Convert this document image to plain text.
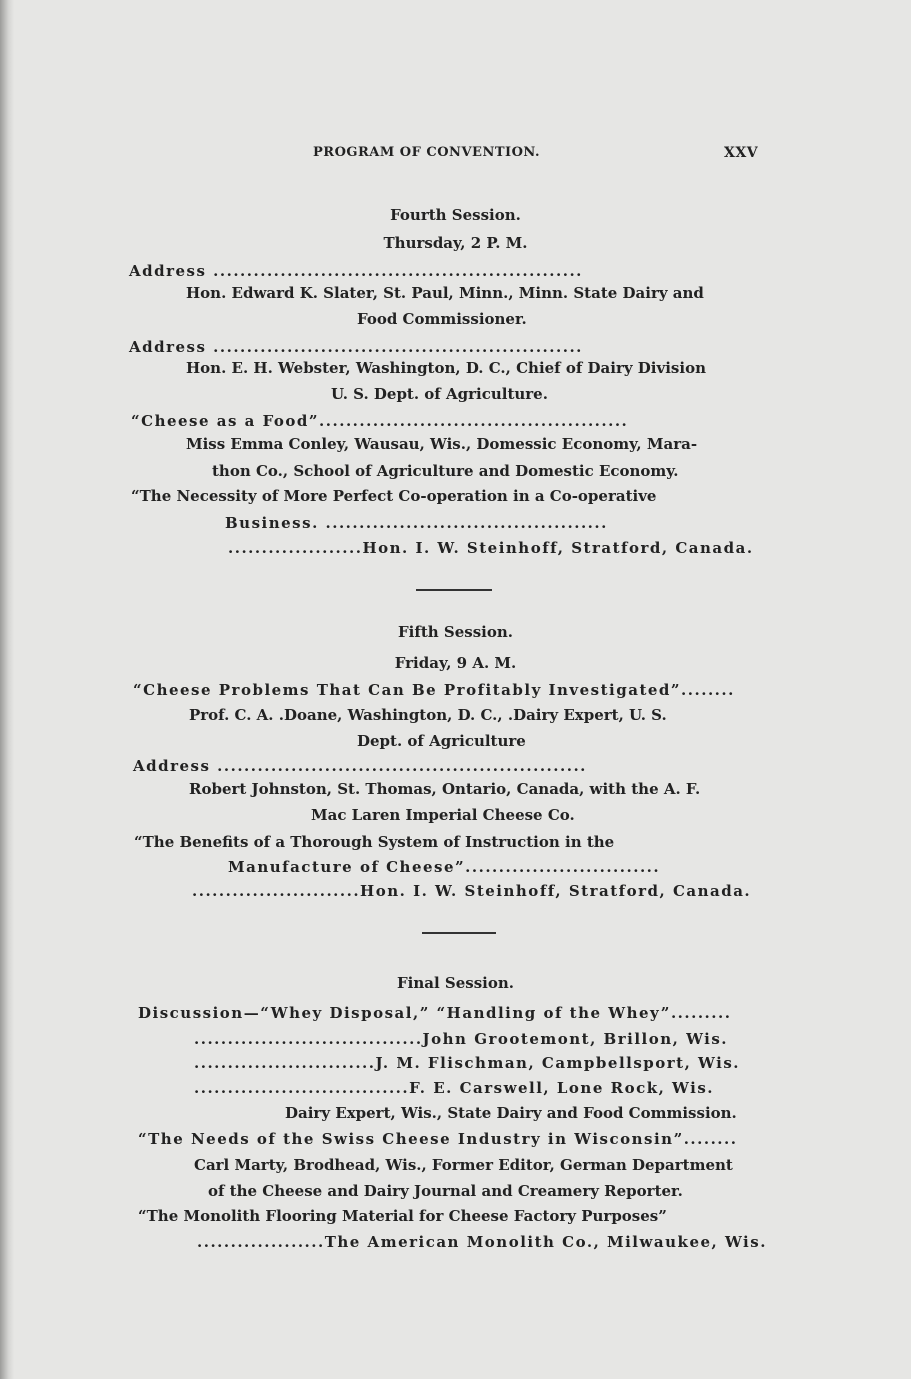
PROGRAM OF CONVENTION.	XXV
Fourth Session.
Thursday, 2 P. M.
Address .......................................................
Hon. Edward K. Slater, St. Paul, Minn., Minn. State Dairy and
Food Commissioner.
Address .......................................................
Hon. E. H. Webster, Washington, D. C., Chief of Dairy Division
U. S. Dept. of Agriculture.
“Cheese as a Food”..............................................
Miss Emma Conley, Wausau, Wis., Domessic Economy, Mara-
thon Co., School of Agriculture and Domestic Economy.
“The Necessity of More Perfect Co-operation in a Co-operative
Business. ..........................................
....................Hon. I. W. Steinhoff, Stratford, Canada.
Fifth Session.
Friday, 9 A. M.
“Cheese Problems That Can Be Profitably Investigated”........
Prof. C. A. .Doane, Washington, D. C., .Dairy Expert, U. S.
Dept. of Agriculture
Address .......................................................
Robert Johnston, St. Thomas, Ontario, Canada, with the A. F.
Mac Laren Imperial Cheese Co.
“The Benefits of a Thorough System of Instruction in the
Manufacture of Cheese”.............................
.........................Hon. I. W. Steinhoff, Stratford, Canada.
Final Session.
Discussion—“Whey Disposal,” “Handling of the Whey”.........
..................................John Grootemont, Brillon, Wis.
...........................J. M. Flischman, Campbellsport, Wis.
................................F. E. Carswell, Lone Rock, Wis.
Dairy Expert, Wis., State Dairy and Food Commission.
“The Needs of the Swiss Cheese Industry in Wisconsin”........
Carl Marty, Brodhead, Wis., Former Editor, German Department
of the Cheese and Dairy Journal and Creamery Reporter.
“The Monolith Flooring Material for Cheese Factory Purposes”
...................The American Monolith Co., Milwaukee, Wis.
